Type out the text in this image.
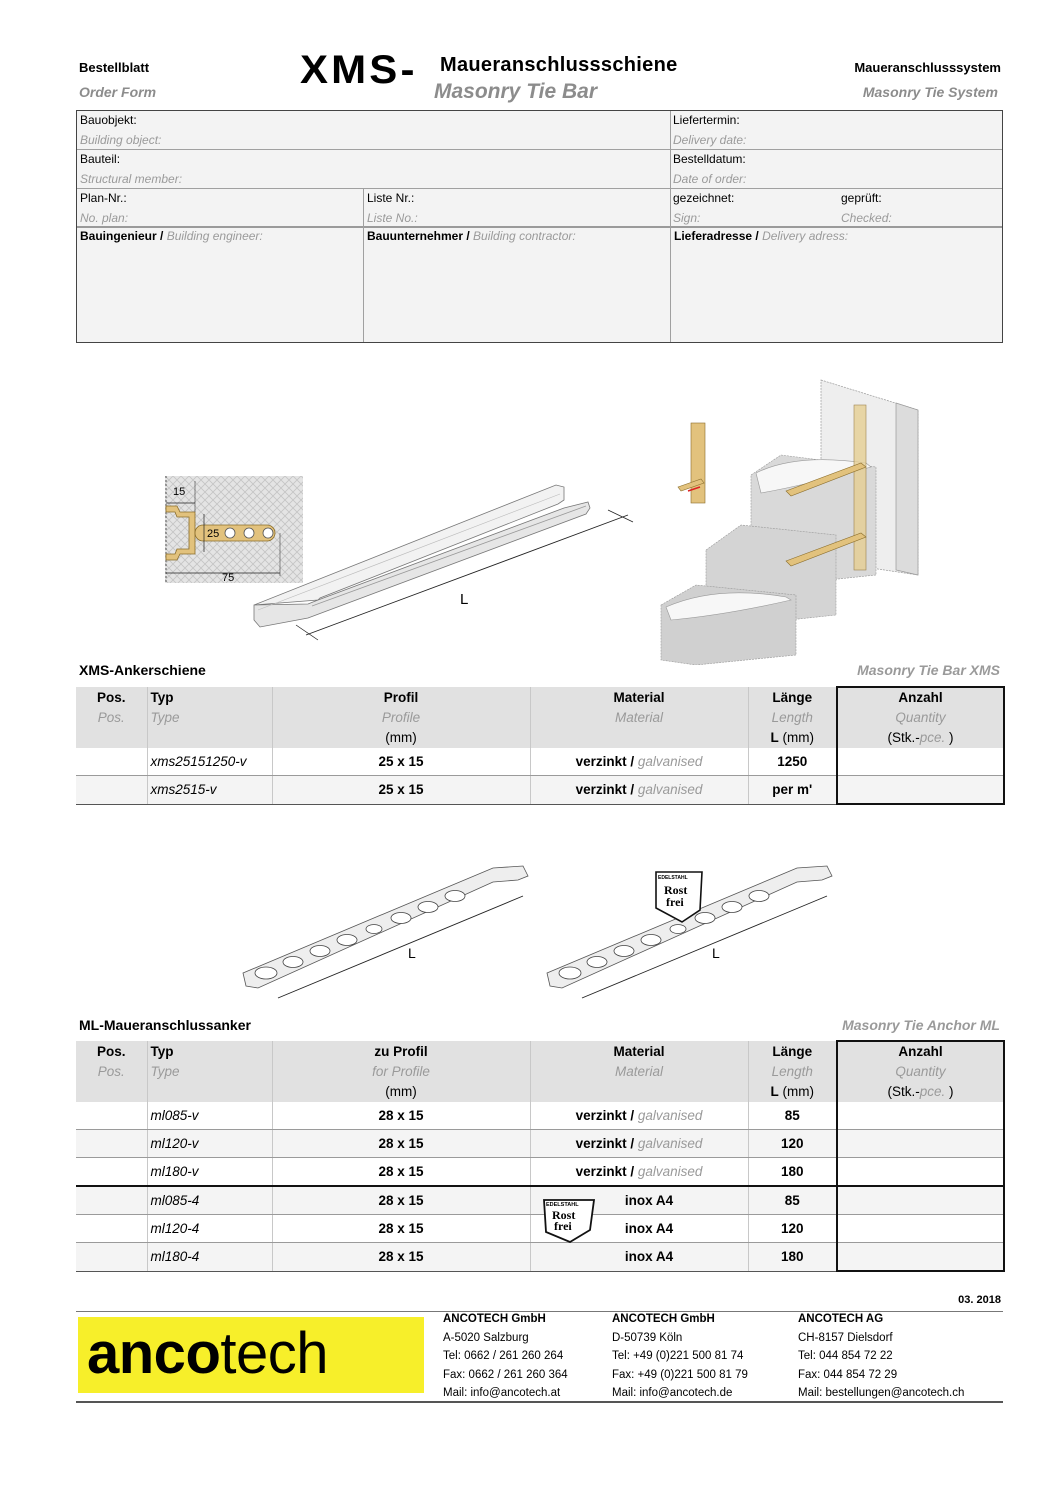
Bestellblatt
Order Form	XMS- Maueranschlussschiene
Masonry Tie Bar
Maueranschlusssystem
Masonry Tie System
Bauobjekt:
Building object:
Liefertermin:
Delivery date:
Bauteil:
Structural member:
Bestelldatum:
Date of order:
Plan-Nr.:
No. plan:
Liste Nr.:
Liste No.:
gezeichnet:
Sign:
geprüft:
Checked:
Bauingenieur / Building engineer:	Bauunternehmer / Building contractor:	Lieferadresse / Delivery adress:
15
25
75
L
XMS-Ankerschiene	Masonry Tie Bar XMS
Pos.	Typ	Profil	Material	Länge	Anzahl
Pos.	Type	Profile	Material	Length	Quantity
		(mm)		L (mm)	(Stk.-pce. )
	xms25151250-v	25 x 15	verzinkt / galvanised	1250	
	xms2515-v	25 x 15	verzinkt / galvanised	per m'	
L	L
EDELSTAHL
Rost
frei
ML-Maueranschlussanker	Masonry Tie Anchor ML
Pos.	Typ	zu Profil	Material	Länge	Anzahl
Pos.	Type	for Profile	Material	Length	Quantity
		(mm)		L (mm)	(Stk.-pce. )
	ml085-v	28 x 15	verzinkt / galvanised	85	
	ml120-v	28 x 15	verzinkt / galvanised	120	
	ml180-v	28 x 15	verzinkt / galvanised	180	
	ml085-4	28 x 15	inox A4	85	
	ml120-4	28 x 15	inox A4	120	
	ml180-4	28 x 15	inox A4	180	
EDELSTAHL
Rost
frei
03. 2018
ancotech
ANCOTECH GmbH
A-5020 Salzburg
Tel: 0662 / 261 260 264
Fax: 0662 / 261 260 364
Mail: info@ancotech.at
ANCOTECH GmbH
D-50739 Köln
Tel: +49 (0)221 500 81 74
Fax: +49 (0)221 500 81 79
Mail: info@ancotech.de
ANCOTECH AG
CH-8157 Dielsdorf
Tel: 044 854 72 22
Fax: 044 854 72 29
Mail: bestellungen@ancotech.ch
